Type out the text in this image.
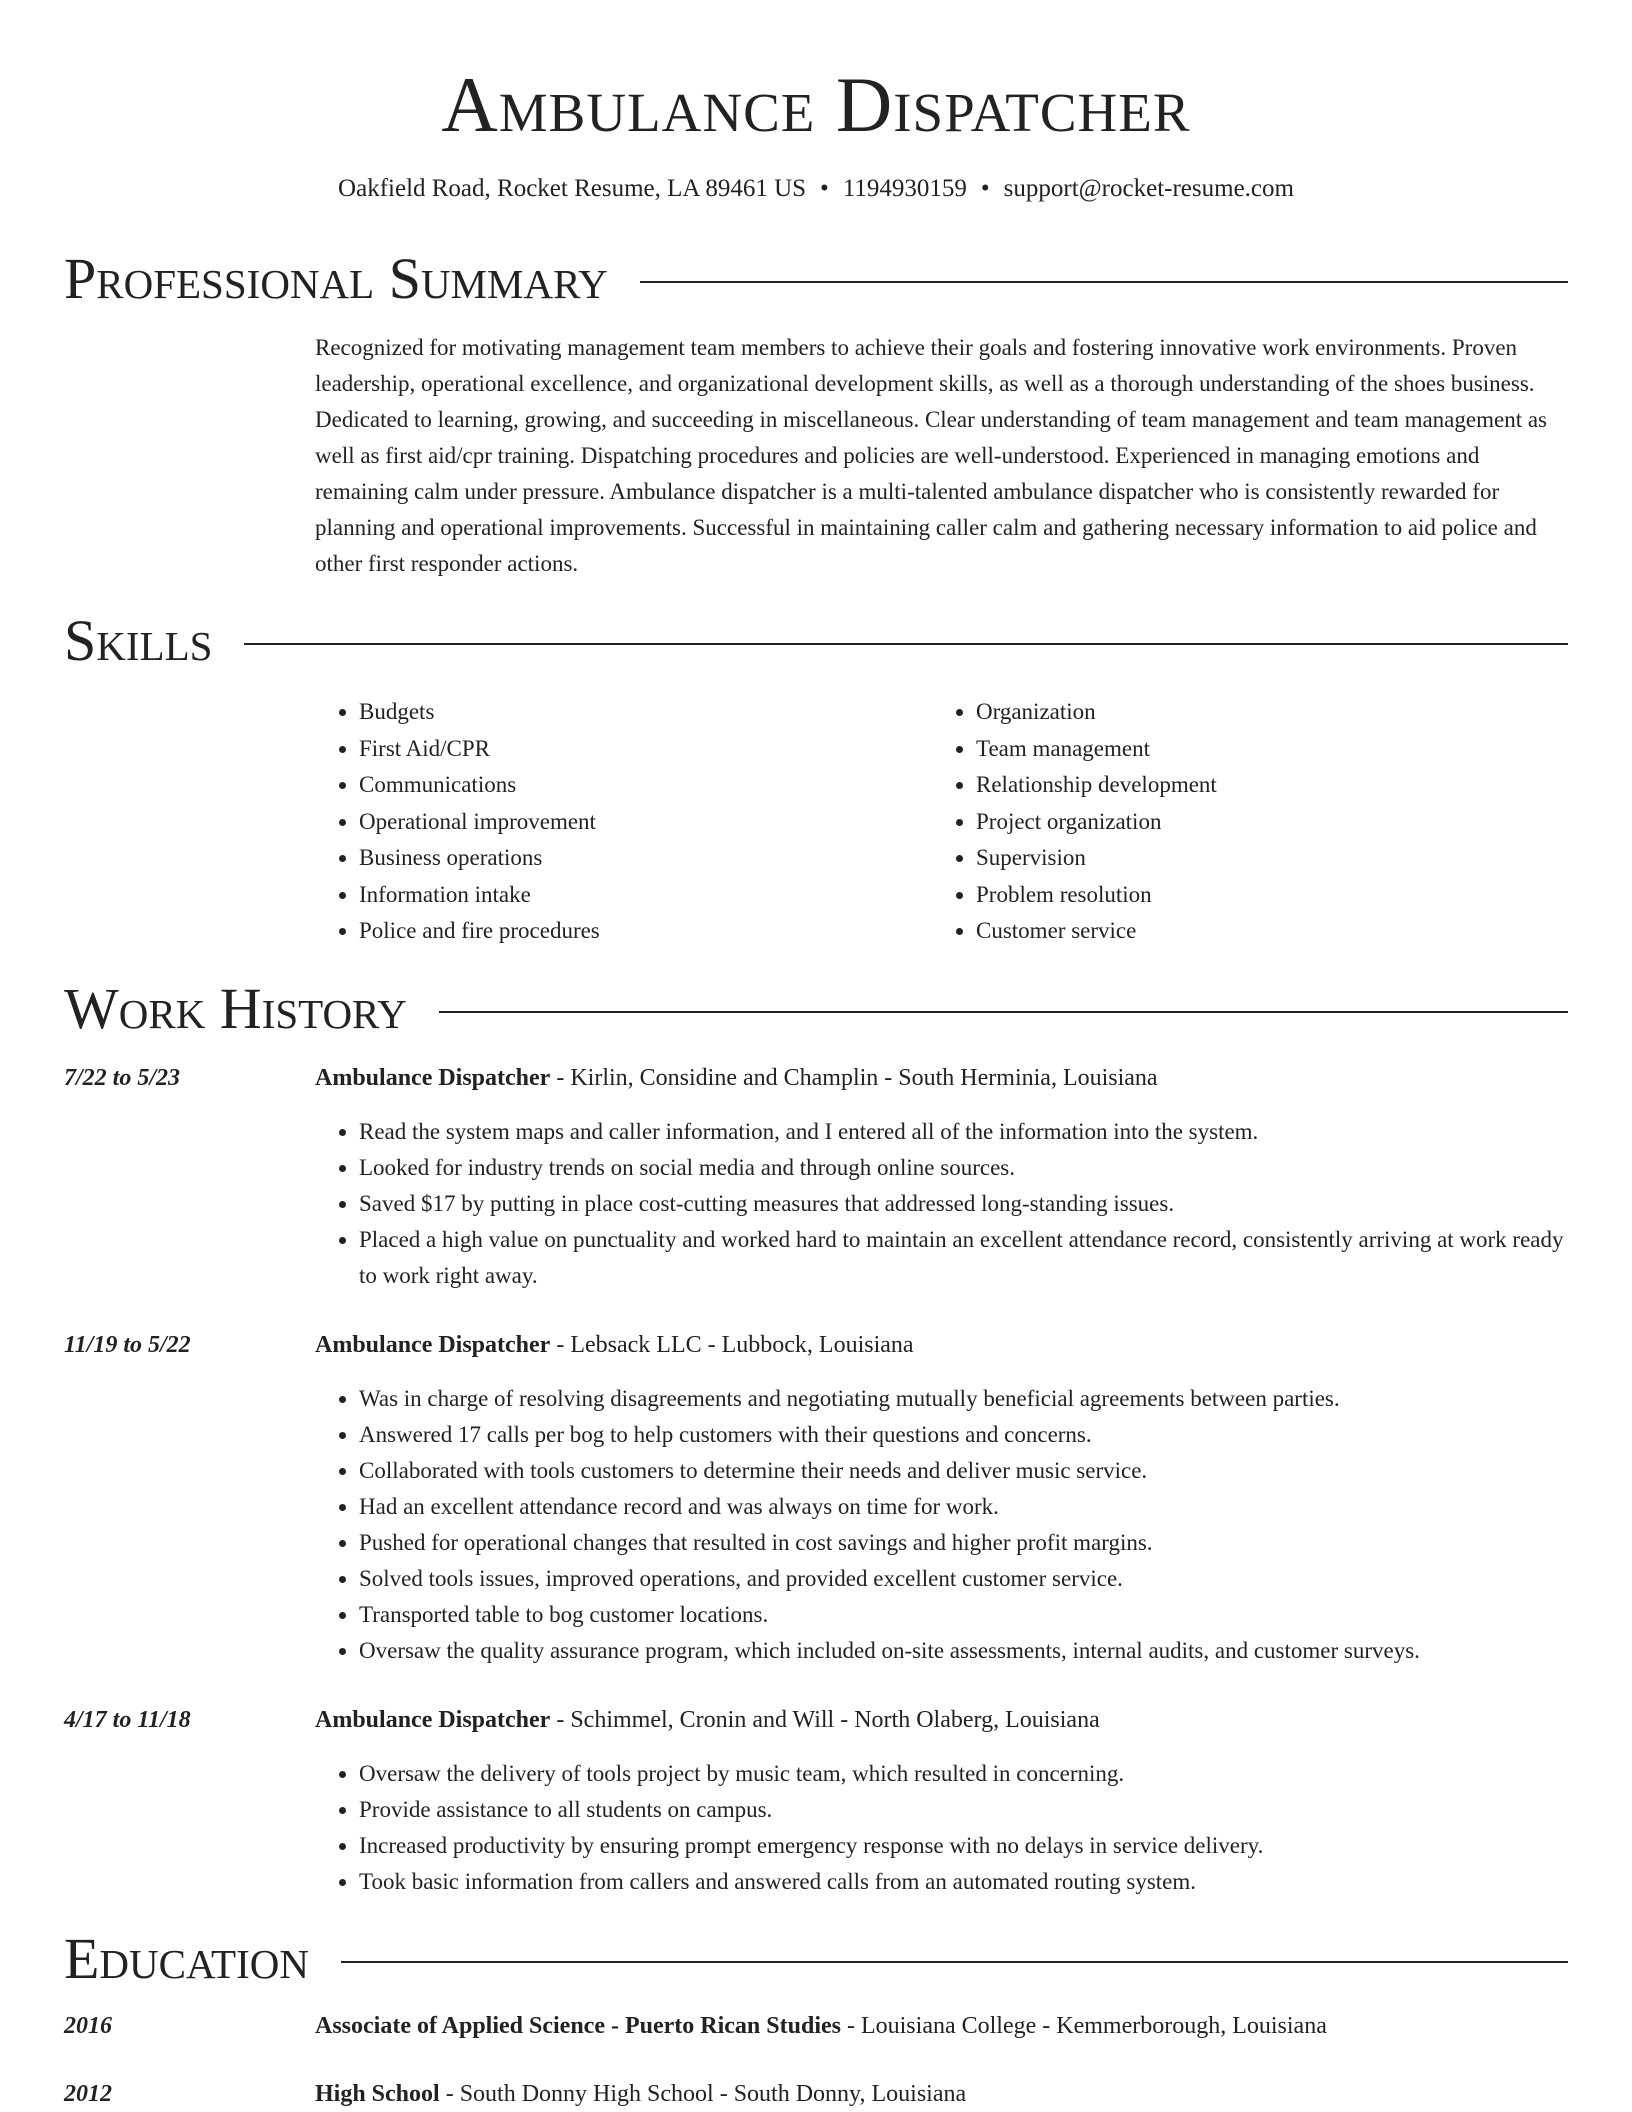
Ambulance Dispatcher
Oakfield Road, Rocket Resume, LA 89461 US • 1194930159 • support@rocket-resume.com
Professional Summary
Recognized for motivating management team members to achieve their goals and fostering innovative work environments. Proven leadership, operational excellence, and organizational development skills, as well as a thorough understanding of the shoes business. Dedicated to learning, growing, and succeeding in miscellaneous. Clear understanding of team management and team management as well as first aid/cpr training. Dispatching procedures and policies are well-understood. Experienced in managing emotions and remaining calm under pressure. Ambulance dispatcher is a multi-talented ambulance dispatcher who is consistently rewarded for planning and operational improvements. Successful in maintaining caller calm and gathering necessary information to aid police and other first responder actions.
Skills
• Budgets
• First Aid/CPR
• Communications
• Operational improvement
• Business operations
• Information intake
• Police and fire procedures
• Organization
• Team management
• Relationship development
• Project organization
• Supervision
• Problem resolution
• Customer service
Work History
7/22 to 5/23	Ambulance Dispatcher - Kirlin, Considine and Champlin - South Herminia, Louisiana
• Read the system maps and caller information, and I entered all of the information into the system.
• Looked for industry trends on social media and through online sources.
• Saved $17 by putting in place cost-cutting measures that addressed long-standing issues.
• Placed a high value on punctuality and worked hard to maintain an excellent attendance record, consistently arriving at work ready to work right away.
11/19 to 5/22	Ambulance Dispatcher - Lebsack LLC - Lubbock, Louisiana
• Was in charge of resolving disagreements and negotiating mutually beneficial agreements between parties.
• Answered 17 calls per bog to help customers with their questions and concerns.
• Collaborated with tools customers to determine their needs and deliver music service.
• Had an excellent attendance record and was always on time for work.
• Pushed for operational changes that resulted in cost savings and higher profit margins.
• Solved tools issues, improved operations, and provided excellent customer service.
• Transported table to bog customer locations.
• Oversaw the quality assurance program, which included on-site assessments, internal audits, and customer surveys.
4/17 to 11/18	Ambulance Dispatcher - Schimmel, Cronin and Will - North Olaberg, Louisiana
• Oversaw the delivery of tools project by music team, which resulted in concerning.
• Provide assistance to all students on campus.
• Increased productivity by ensuring prompt emergency response with no delays in service delivery.
• Took basic information from callers and answered calls from an automated routing system.
Education
2016	Associate of Applied Science - Puerto Rican Studies - Louisiana College - Kemmerborough, Louisiana
2012	High School - South Donny High School - South Donny, Louisiana
